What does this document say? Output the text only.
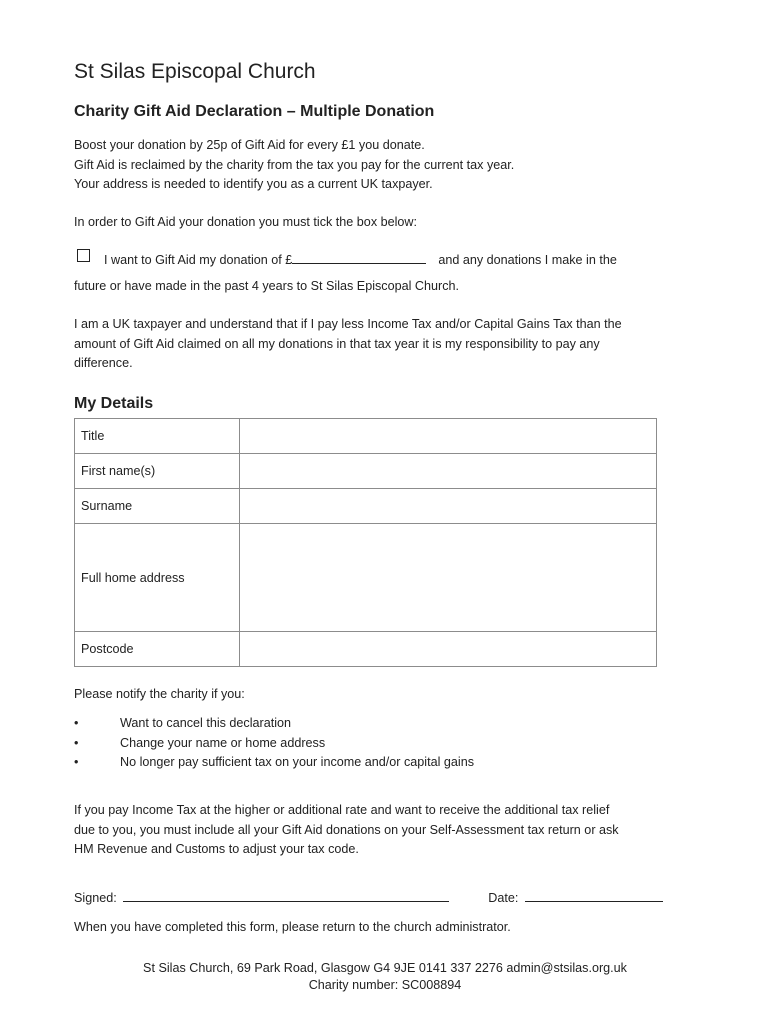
St Silas Episcopal Church
Charity Gift Aid Declaration – Multiple Donation
Boost your donation by 25p of Gift Aid for every £1 you donate.
Gift Aid is reclaimed by the charity from the tax you pay for the current tax year.
Your address is needed to identify you as a current UK taxpayer.
In order to Gift Aid your donation you must tick the box below:
I want to Gift Aid my donation of £	and any donations I make in the
future or have made in the past 4 years to St Silas Episcopal Church.
I am a UK taxpayer and understand that if I pay less Income Tax and/or Capital Gains Tax than the
amount of Gift Aid claimed on all my donations in that tax year it is my responsibility to pay any
difference.
My Details
Title	
First name(s)	
Surname	
Full home address	
Postcode	
Please notify the charity if you:
•	Want to cancel this declaration
•	Change your name or home address
•	No longer pay sufficient tax on your income and/or capital gains
If you pay Income Tax at the higher or additional rate and want to receive the additional tax relief
due to you, you must include all your Gift Aid donations on your Self-Assessment tax return or ask
HM Revenue and Customs to adjust your tax code.
Signed:	Date:
When you have completed this form, please return to the church administrator.
St Silas Church, 69 Park Road, Glasgow G4 9JE 0141 337 2276 admin@stsilas.org.uk
Charity number: SC008894
